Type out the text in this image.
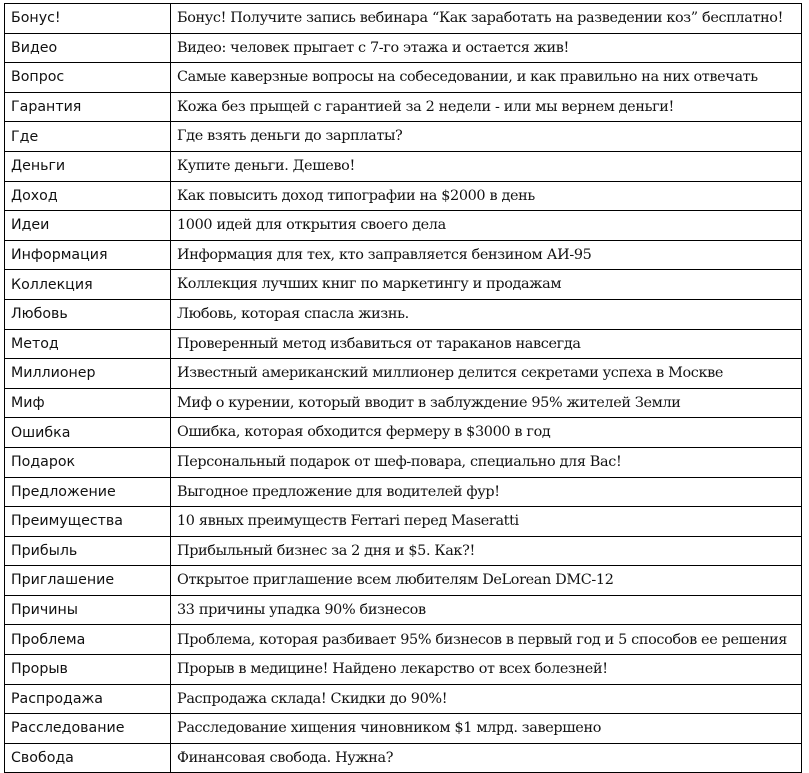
Бонус!	Бонус! Получите запись вебинара “Как заработать на разведении коз” бесплатно!
Видео	Видео: человек прыгает с 7-го этажа и остается жив!
Вопрос	Самые каверзные вопросы на собеседовании, и как правильно на них отвечать
Гарантия	Кожа без прыщей с гарантией за 2 недели - или мы вернем деньги!
Где	Где взять деньги до зарплаты?
Деньги	Купите деньги. Дешево!
Доход	Как повысить доход типографии на $2000 в день
Идеи	1000 идей для открытия своего дела
Информация	Информация для тех, кто заправляется бензином АИ-95
Коллекция	Коллекция лучших книг по маркетингу и продажам
Любовь	Любовь, которая спасла жизнь.
Метод	Проверенный метод избавиться от тараканов навсегда
Миллионер	Известный американский миллионер делится секретами успеха в Москве
Миф	Миф о курении, который вводит в заблуждение 95% жителей Земли
Ошибка	Ошибка, которая обходится фермеру в $3000 в год
Подарок	Персональный подарок от шеф-повара, специально для Вас!
Предложение	Выгодное предложение для водителей фур!
Преимущества	10 явных преимуществ Ferrari перед Maseratti
Прибыль	Прибыльный бизнес за 2 дня и $5. Как?!
Приглашение	Открытое приглашение всем любителям DeLorean DMC-12
Причины	33 причины упадка 90% бизнесов
Проблема	Проблема, которая разбивает 95% бизнесов в первый год и 5 способов ее решения
Прорыв	Прорыв в медицине! Найдено лекарство от всех болезней!
Распродажа	Распродажа склада! Скидки до 90%!
Расследование	Расследование хищения чиновником $1 млрд. завершено
Свобода	Финансовая свобода. Нужна?
